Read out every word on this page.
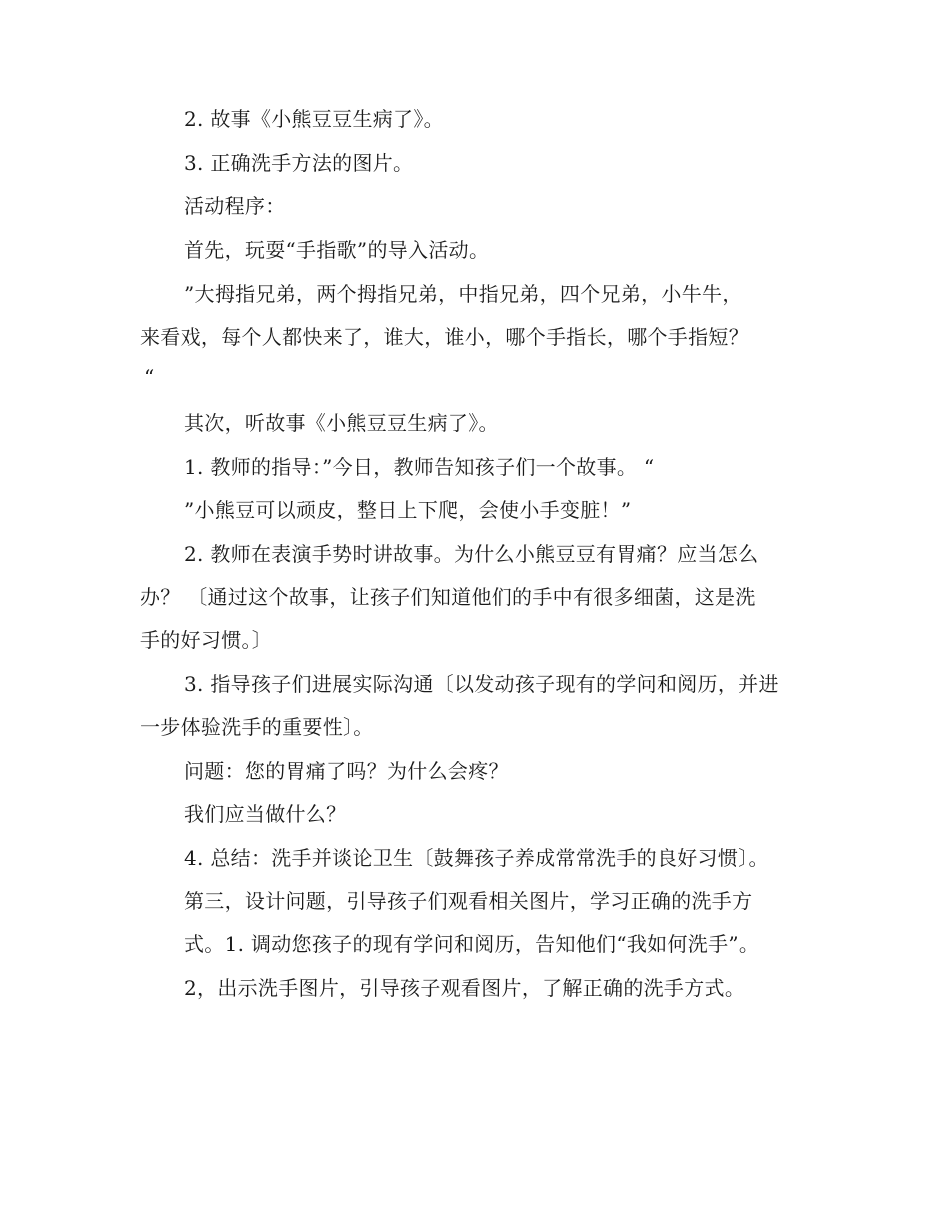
2. 故事《小熊豆豆生病了》。
3. 正确洗手方法的图片。
活动程序：
首先，玩耍“手指歌”的导入活动。
”大拇指兄弟，两个拇指兄弟，中指兄弟，四个兄弟，小牛牛，
来看戏，每个人都快来了，谁大，谁小，哪个手指长，哪个手指短？
“
其次，听故事《小熊豆豆生病了》。
1. 教师的指导：”今日，教师告知孩子们一个故事。 “
”小熊豆可以顽皮，整日上下爬，会使小手变脏！”
2. 教师在表演手势时讲故事。为什么小熊豆豆有胃痛？应当怎么
办？ 〔通过这个故事，让孩子们知道他们的手中有很多细菌，这是洗
手的好习惯。〕
3. 指导孩子们进展实际沟通〔以发动孩子现有的学问和阅历，并进
一步体验洗手的重要性〕。
问题：您的胃痛了吗？为什么会疼？
我们应当做什么？
4. 总结：洗手并谈论卫生〔鼓舞孩子养成常常洗手的良好习惯〕。
第三，设计问题，引导孩子们观看相关图片，学习正确的洗手方
式。1. 调动您孩子的现有学问和阅历，告知他们“我如何洗手”。
2，出示洗手图片，引导孩子观看图片，了解正确的洗手方式。
